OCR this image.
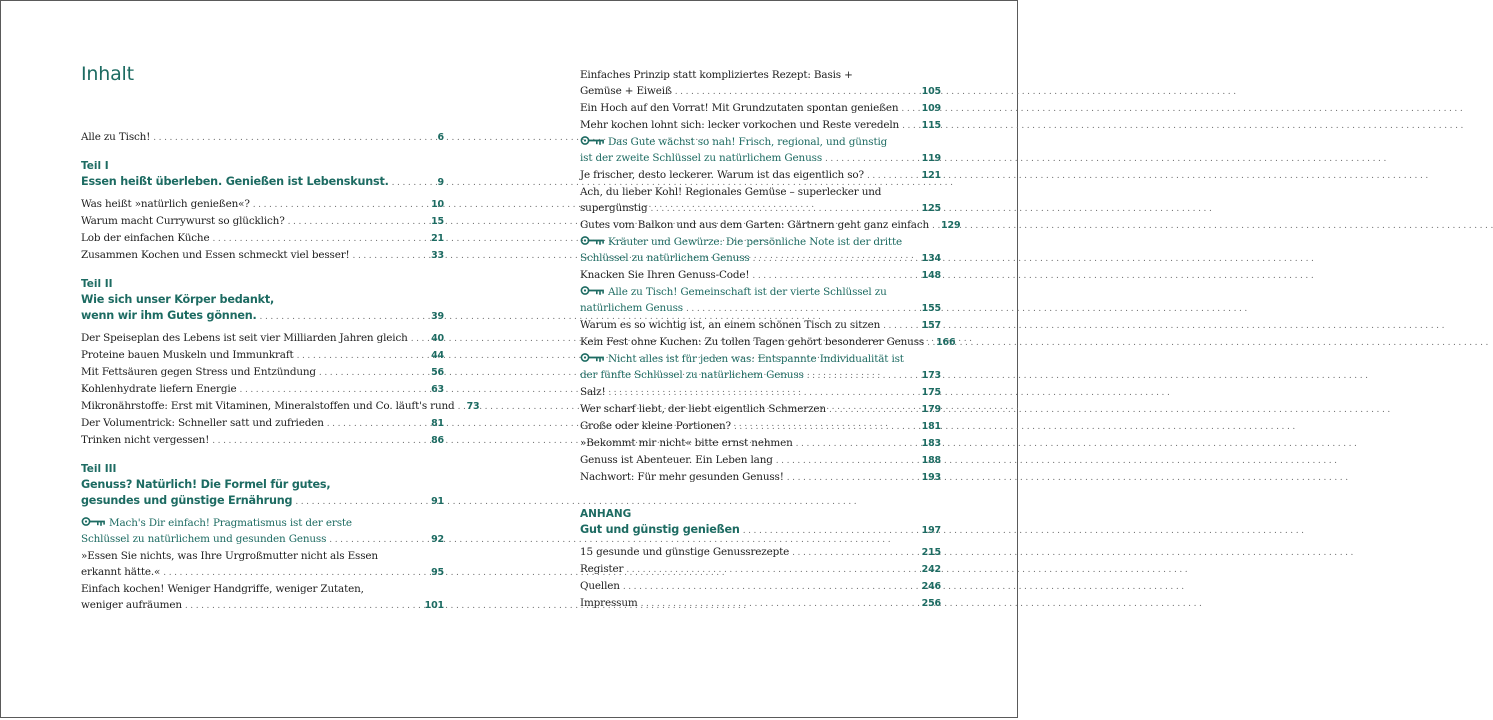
Inhalt
Alle zu Tisch! . . .	6
Teil I
Essen heißt überleben. Genießen ist Lebenskunst. . . .	9
Was heißt »natürlich genießen«? . . .	10
Warum macht Currywurst so glücklich? . . .	15
Lob der einfachen Küche . . .	21
Zusammen Kochen und Essen schmeckt viel besser! . . .	33
Teil II
Wie sich unser Körper bedankt,
wenn wir ihm Gutes gönnen. . . .	39
Der Speiseplan des Lebens ist seit vier Milliarden Jahren gleich . . . 40
Proteine bauen Muskeln und Immunkraft . . .	44
Mit Fettsäuren gegen Stress und Entzündung . . .	56
Kohlenhydrate liefern Energie . . .	63
Mikronährstoffe: Erst mit Vitaminen, Mineralstoffen und Co. läuft's rund . . . 73
Der Volumentrick: Schneller satt und zufrieden . . .	81
Trinken nicht vergessen! . . .	86
Teil III
Genuss? Natürlich! Die Formel für gutes,
gesundes und günstige Ernährung . . .	91
Mach's Dir einfach! Pragmatismus ist der erste
Schlüssel zu natürlichem und gesunden Genuss . . .	92
»Essen Sie nichts, was Ihre Urgroßmutter nicht als Essen
erkannt hätte.« . . .	95
Einfach kochen! Weniger Handgriffe, weniger Zutaten,
weniger aufräumen . . .	101
Einfaches Prinzip statt kompliziertes Rezept: Basis +
Gemüse + Eiweiß . . .	105
Ein Hoch auf den Vorrat! Mit Grundzutaten spontan genießen . . . 109
Mehr kochen lohnt sich: lecker vorkochen und Reste veredeln . . . 115
Das Gute wächst so nah! Frisch, regional, und günstig
ist der zweite Schlüssel zu natürlichem Genuss . . .	119
Je frischer, desto leckerer. Warum ist das eigentlich so? . . .	121
Ach, du lieber Kohl! Regionales Gemüse – superlecker und
supergünstig . . .	125
Gutes vom Balkon und aus dem Garten: Gärtnern geht ganz einfach . . . 129
Kräuter und Gewürze: Die persönliche Note ist der dritte
Schlüssel zu natürlichem Genuss . . .	134
Knacken Sie Ihren Genuss-Code! . . .	148
Alle zu Tisch! Gemeinschaft ist der vierte Schlüssel zu
natürlichem Genuss . . .	155
Warum es so wichtig ist, an einem schönen Tisch zu sitzen . . .	157
Kein Fest ohne Kuchen: Zu tollen Tagen gehört besonderer Genuss . . . 166
Nicht alles ist für jeden was: Entspannte Individualität ist
der fünfte Schlüssel zu natürlichem Genuss . . .	173
Salz! . . .	175
Wer scharf liebt, der liebt eigentlich Schmerzen . . .	179
Große oder kleine Portionen? . . .	181
»Bekommt mir nicht« bitte ernst nehmen . . .	183
Genuss ist Abenteuer. Ein Leben lang . . .	188
Nachwort: Für mehr gesunden Genuss! . . .	193
ANHANG
Gut und günstig genießen . . .	197
15 gesunde und günstige Genussrezepte . . .	215
Register . . .	242
Quellen . . .	246
Impressum . . .	256
